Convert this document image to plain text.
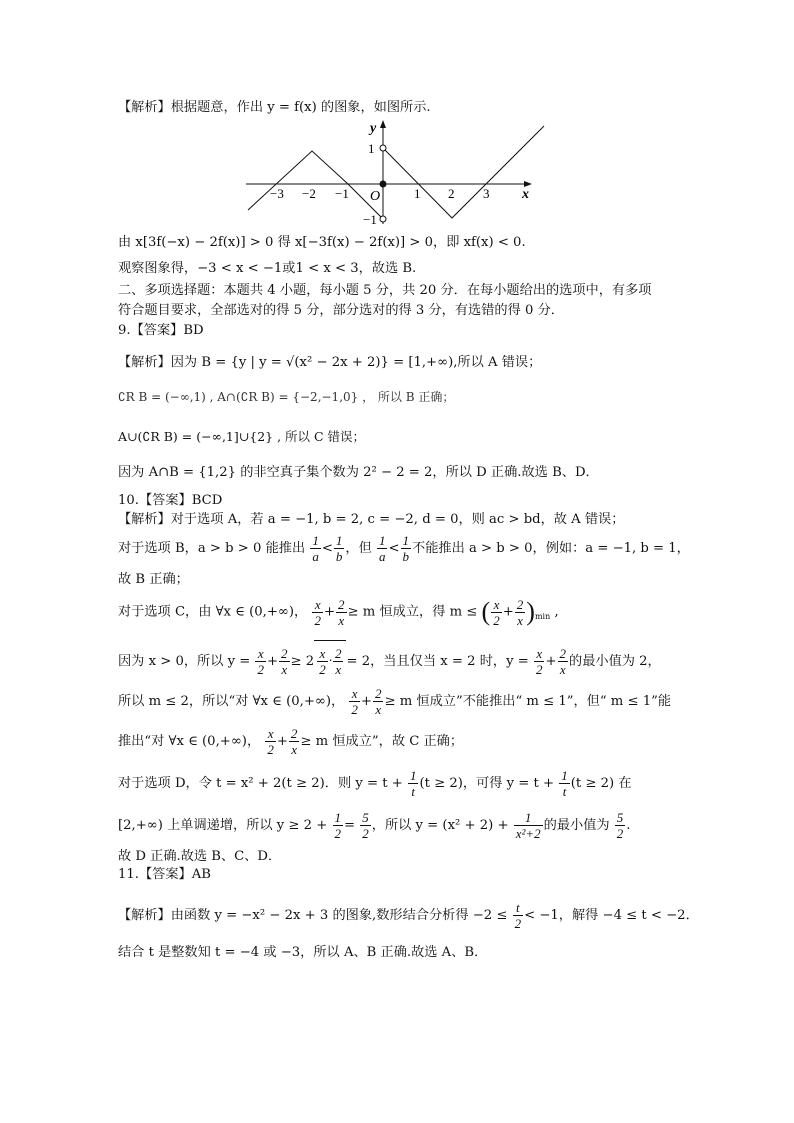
【解析】根据题意，作出 y = f(x) 的图象，如图所示.
y
x
O
1
−1
−3 −2 −1	1 2 3
由 x[3f(−x) − 2f(x)] > 0 得 x[−3f(x) − 2f(x)] > 0，即 xf(x) < 0.
观察图象得，−3 < x < −1或1 < x < 3，故选 B.
二、多项选择题：本题共 4 小题，每小题 5 分，共 20 分．在每小题给出的选项中，有多项
符合题目要求，全部选对的得 5 分，部分选对的得 3 分，有选错的得 0 分．
9.【答案】BD
【解析】因为 B = {y | y = √(x² − 2x + 2)} = [1,+∞),所以 A 错误；
∁R B = (−∞,1) , A∩(∁R B) = {−2,−1,0} ， 所以 B 正确；
A∪(∁R B) = (−∞,1]∪{2} , 所以 C 错误；
因为 A∩B = {1,2} 的非空真子集个数为 2² − 2 = 2，所以 D 正确.故选 B、D．
10.【答案】BCD
【解析】对于选项 A，若 a = −1, b = 2, c = −2, d = 0，则 ac > bd，故 A 错误；
对于选项 B，a > b > 0 能推出 $\frac{1}{a} < \frac{1}{b}$ ，但 $\frac{1}{a} < \frac{1}{b}$ 不能推出 a > b > 0，例如：a = −1, b = 1，
故 B 正确；
对于选项 C，由 ∀x ∈ (0,+∞)， $\frac{x}{2} + \frac{2}{x} \ge m$ 恒成立，得 m ≤ ( $\frac{x}{2} + \frac{2}{x} )_{min}$ ,
因为 x > 0，所以 $y = \frac{x}{2} + \frac{2}{x} \ge 2 \frac{x}{2} \cdot \frac{2}{x} = 2$，当且仅当 x = 2 时，$y = \frac{x}{2} + \frac{2}{x}$ 的最小值为 2，
所以 m ≤ 2，所以“对 ∀x ∈ (0,+∞)， $\frac{x}{2} + \frac{2}{x} \ge m$ 恒成立”不能推出“ m ≤ 1”，但“ m ≤ 1”能
推出“对 ∀x ∈ (0,+∞)， $\frac{x}{2} + \frac{2}{x} \ge m$ 恒成立”，故 C 正确；
对于选项 D，令 t = x² + 2(t ≥ 2)．则 $y = t + \frac{1}{t} (t \ge 2)$，可得 $y = t + \frac{1}{t} (t \ge 2)$ 在
[2,+∞) 上单调递增，所以 $y \ge 2 + \frac{1}{2} = \frac{5}{2}$ ，所以 $y = (x^2 + 2) + \frac{1}{\text{x²+2}}$ 的最小值为 $\frac{5}{2}$ .
故 D 正确.故选 B、C、D．
11.【答案】AB
【解析】由函数 y = −x² − 2x + 3 的图象,数形结合分析得 $-2 \le \frac{t}{2} < -1$，解得 −4 ≤ t < −2．
结合 t 是整数知 t = −4 或 −3，所以 A、B 正确.故选 A、B．
